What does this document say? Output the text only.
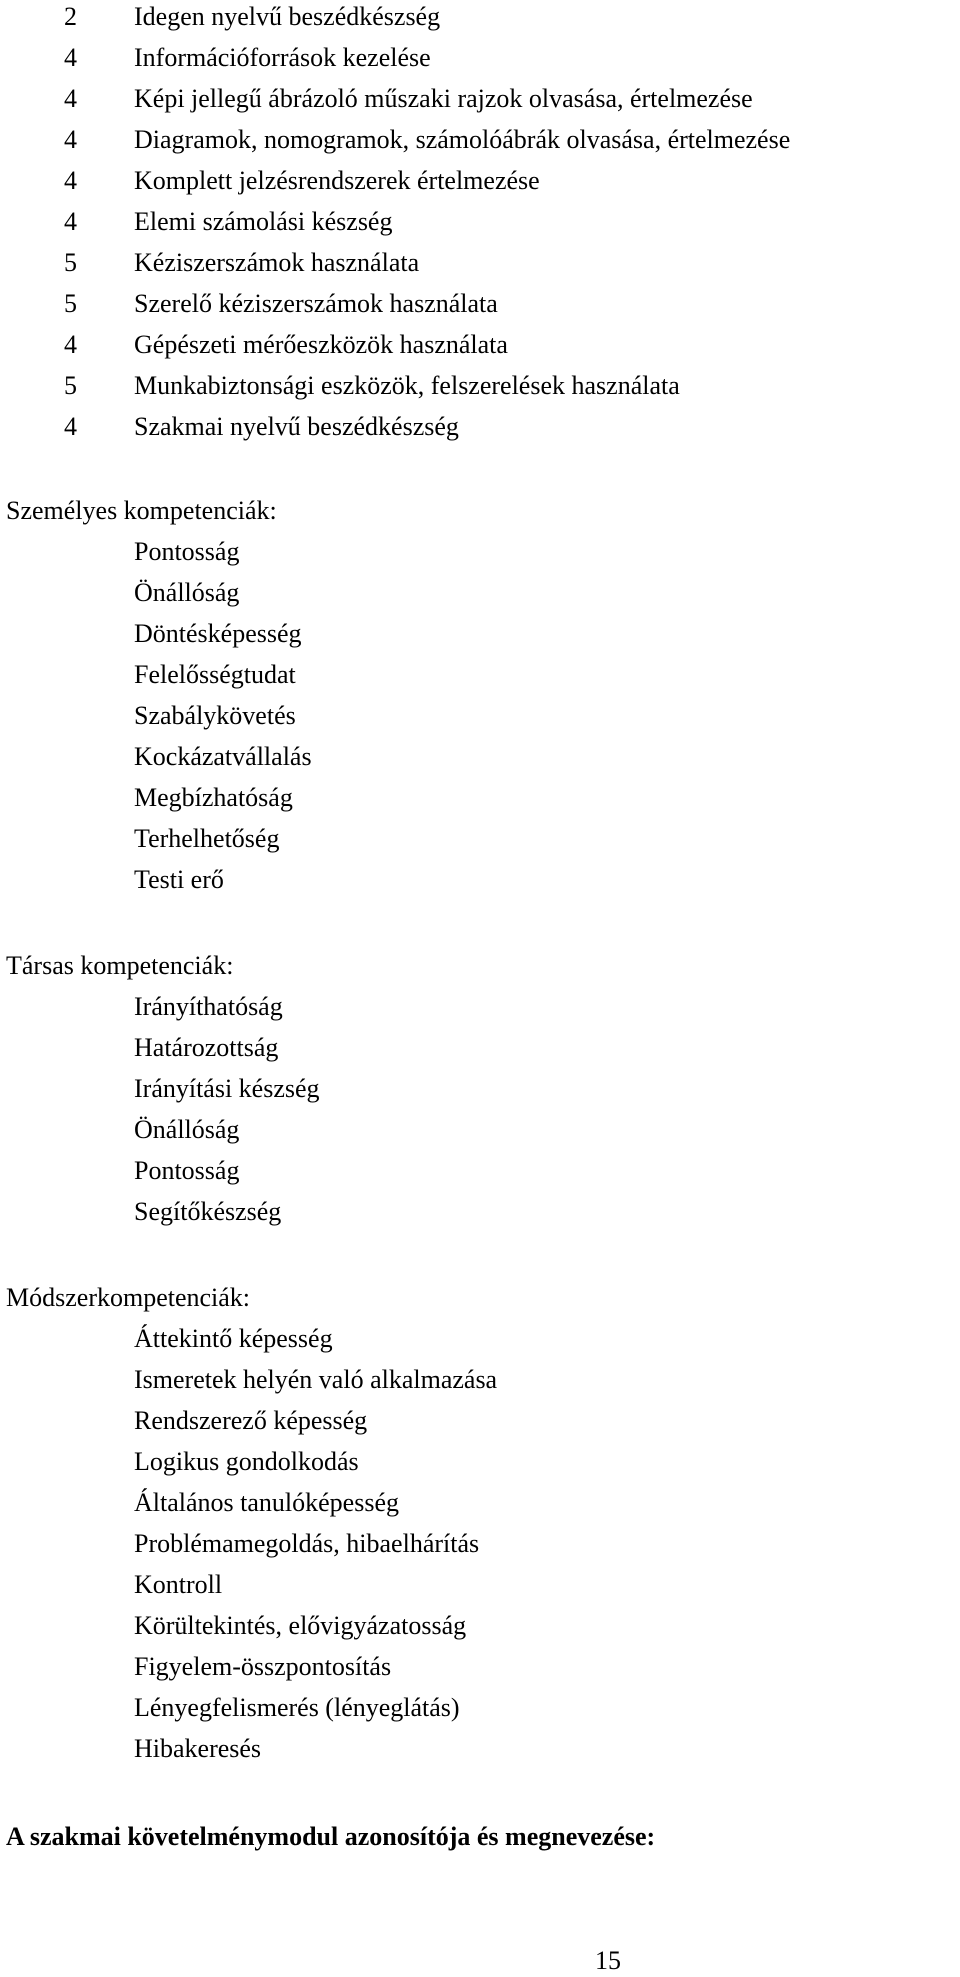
2	Idegen nyelvű beszédkészség
4	Információforrások kezelése
4	Képi jellegű ábrázoló műszaki rajzok olvasása, értelmezése
4	Diagramok, nomogramok, számolóábrák olvasása, értelmezése
4	Komplett jelzésrendszerek értelmezése
4	Elemi számolási készség
5	Kéziszerszámok használata
5	Szerelő kéziszerszámok használata
4	Gépészeti mérőeszközök használata
5	Munkabiztonsági eszközök, felszerelések használata
4	Szakmai nyelvű beszédkészség
Személyes kompetenciák:
Pontosság
Önállóság
Döntésképesség
Felelősségtudat
Szabálykövetés
Kockázatvállalás
Megbízhatóság
Terhelhetőség
Testi erő
Társas kompetenciák:
Irányíthatóság
Határozottság
Irányítási készség
Önállóság
Pontosság
Segítőkészség
Módszerkompetenciák:
Áttekintő képesség
Ismeretek helyén való alkalmazása
Rendszerező képesség
Logikus gondolkodás
Általános tanulóképesség
Problémamegoldás, hibaelhárítás
Kontroll
Körültekintés, elővigyázatosság
Figyelem-összpontosítás
Lényegfelismerés (lényeglátás)
Hibakeresés
A szakmai követelménymodul azonosítója és megnevezése:
15
